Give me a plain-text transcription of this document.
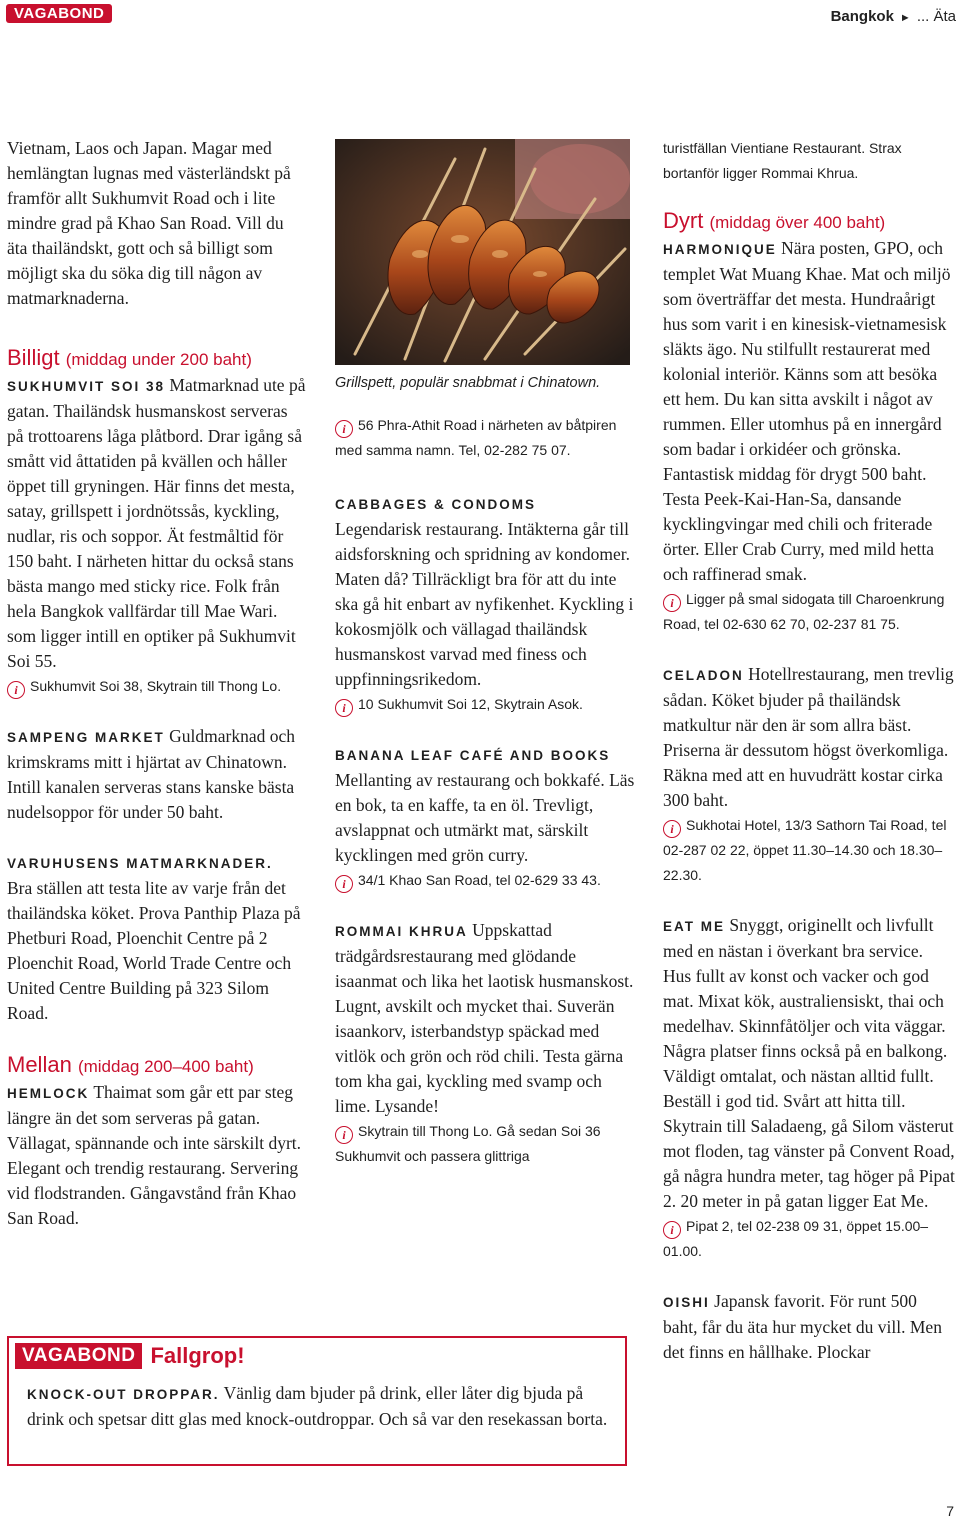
VAGABOND	Bangkok ► ... Äta

Vietnam, Laos och Japan. Magar med hemlängtan lugnas med västerländskt på framför allt Sukhumvit Road och i lite mindre grad på Khao San Road. Vill du äta thailändskt, gott och så billigt som möjligt ska du söka dig till någon av matmarknaderna.

Billigt (middag under 200 baht)

SUKHUMVIT SOI 38 Matmarknad ute på gatan. Thailändsk husmanskost serveras på trottoarens låga plåtbord. Drar igång så smått vid åttatiden på kvällen och håller öppet till gryningen. Här finns det mesta, satay, grillspett i jordnötssås, kyckling, nudlar, ris och soppor. Ät festmåltid för 150 baht. I närheten hittar du också stans bästa mango med sticky rice. Folk från hela Bangkok vallfärdar till Mae Wari. som ligger intill en optiker på Sukhumvit Soi 55.

i Sukhumvit Soi 38, Skytrain till Thong Lo.

SAMPENG MARKET Guldmarknad och krimskrams mitt i hjärtat av Chinatown. Intill kanalen serveras stans kanske bästa nudelsoppor för under 50 baht.

VARUHUSENS MATMARKNADER.
Bra ställen att testa lite av varje från det thailändska köket. Prova Panthip Plaza på Phetburi Road, Ploenchit Centre på 2 Ploenchit Road, World Trade Centre och United Centre Building på 323 Silom Road.

Mellan (middag 200–400 baht)

HEMLOCK Thaimat som går ett par steg längre än det som serveras på gatan. Vällagat, spännande och inte särskilt dyrt. Elegant och trendig restaurang. Servering vid flodstranden. Gångavstånd från Khao San Road.

Grillspett, populär snabbmat i Chinatown.

i 56 Phra-Athit Road i närheten av båtpiren med samma namn. Tel, 02-282 75 07.

CABBAGES & CONDOMS
Legendarisk restaurang. Intäkterna går till aidsforskning och spridning av kondomer. Maten då? Tillräckligt bra för att du inte ska gå hit enbart av nyfikenhet. Kyckling i kokosmjölk och vällagad thailändsk husmanskost varvad med finess och uppfinningsrikedom.

i 10 Sukhumvit Soi 12, Skytrain Asok.

BANANA LEAF CAFÉ AND BOOKS
Mellanting av restaurang och bokkafé. Läs en bok, ta en kaffe, ta en öl. Trevligt, avslappnat och utmärkt mat, särskilt kycklingen med grön curry.

i 34/1 Khao San Road, tel 02-629 33 43.

ROMMAI KHRUA Uppskattad trädgårdsrestaurang med glödande isaanmat och lika het laotisk husmanskost. Lugnt, avskilt och mycket thai. Suverän isaankorv, isterbandstyp späckad med vitlök och grön och röd chili. Testa gärna tom kha gai, kyckling med svamp och lime. Lysande!

i Skytrain till Thong Lo. Gå sedan Soi 36 Sukhumvit och passera glittriga

turistfällan Vientiane Restaurant. Strax bortanför ligger Rommai Khrua.

Dyrt (middag över 400 baht)

HARMONIQUE Nära posten, GPO, och templet Wat Muang Khae. Mat och miljö som överträffar det mesta. Hundraårigt hus som varit i en kinesisk-vietnamesisk släkts ägo. Nu stilfullt restaurerat med kolonial interiör. Känns som att besöka ett hem. Du kan sitta avskilt i något av rummen. Eller utomhus på en innergård som badar i orkidéer och grönska. Fantastisk middag för drygt 500 baht. Testa Peek-Kai-Han-Sa, dansande kycklingvingar med chili och friterade örter. Eller Crab Curry, med mild hetta och raffinerad smak.

i Ligger på smal sidogata till Charoenkrung Road, tel 02-630 62 70, 02-237 81 75.

CELADON Hotellrestaurang, men trevlig sådan. Köket bjuder på thailändsk matkultur när den är som allra bäst. Priserna är dessutom högst överkomliga. Räkna med att en huvudrätt kostar cirka 300 baht.

i Sukhotai Hotel, 13/3 Sathorn Tai Road, tel 02-287 02 22, öppet 11.30–14.30 och 18.30–22.30.

EAT ME Snyggt, originellt och livfullt med en nästan i överkant bra service. Hus fullt av konst och vacker och god mat. Mixat kök, australiensiskt, thai och medelhav. Skinnfåtöljer och vita väggar. Några platser finns också på en balkong. Väldigt omtalat, och nästan alltid fullt. Beställ i god tid. Svårt att hitta till. Skytrain till Saladaeng, gå Silom västerut mot floden, tag vänster på Convent Road, gå några hundra meter, tag höger på Pipat 2. 20 meter in på gatan ligger Eat Me.

i Pipat 2, tel 02-238 09 31, öppet 15.00–01.00.

OISHI Japansk favorit. För runt 500 baht, får du äta hur mycket du vill. Men det finns en hållhake. Plockar

VAGABOND Fallgrop!

KNOCK-OUT DROPPAR. Vänlig dam bjuder på drink, eller låter dig bjuda på drink och spetsar ditt glas med knock-outdroppar. Och så var den resekassan borta.

7
